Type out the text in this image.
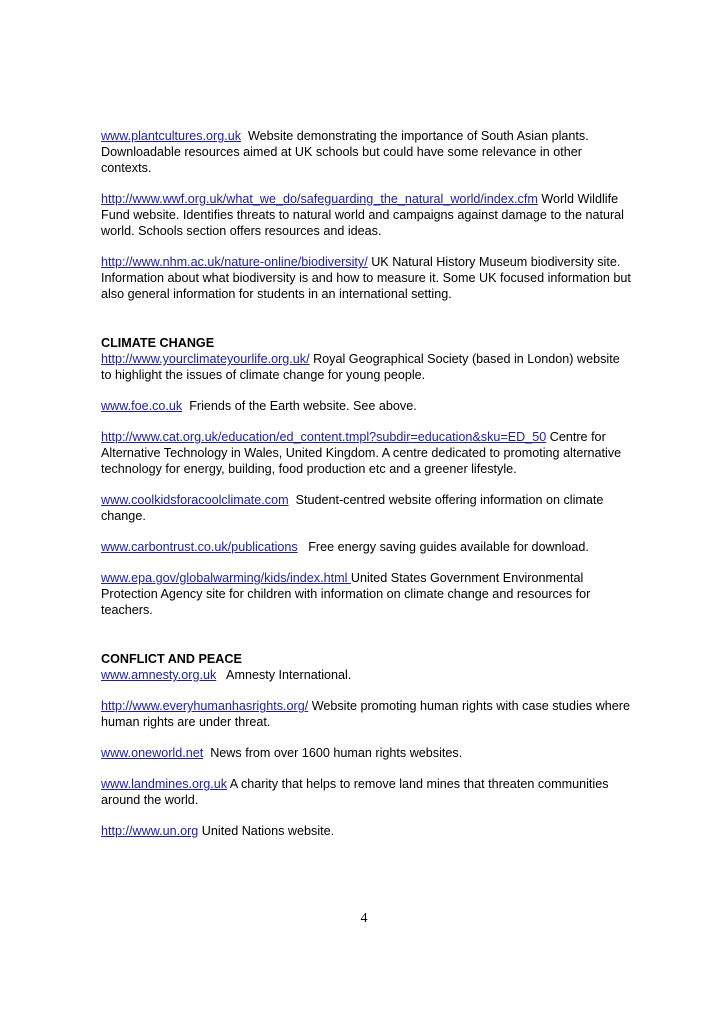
www.plantcultures.org.uk  Website demonstrating the importance of South Asian plants. Downloadable resources aimed at UK schools but could have some relevance in other contexts.

http://www.wwf.org.uk/what_we_do/safeguarding_the_natural_world/index.cfm World Wildlife Fund website. Identifies threats to natural world and campaigns against damage to the natural world. Schools section offers resources and ideas.

http://www.nhm.ac.uk/nature-online/biodiversity/ UK Natural History Museum biodiversity site. Information about what biodiversity is and how to measure it. Some UK focused information but also general information for students in an international setting.

CLIMATE CHANGE

http://www.yourclimateyourlife.org.uk/ Royal Geographical Society (based in London) website to highlight the issues of climate change for young people.

www.foe.co.uk  Friends of the Earth website. See above.

http://www.cat.org.uk/education/ed_content.tmpl?subdir=education&sku=ED_50 Centre for Alternative Technology in Wales, United Kingdom. A centre dedicated to promoting alternative technology for energy, building, food production etc and a greener lifestyle.

www.coolkidsforacoolclimate.com  Student-centred website offering information on climate change.

www.carbontrust.co.uk/publications   Free energy saving guides available for download.

www.epa.gov/globalwarming/kids/index.html United States Government Environmental Protection Agency site for children with information on climate change and resources for teachers.

CONFLICT AND PEACE

www.amnesty.org.uk   Amnesty International.

http://www.everyhumanhasrights.org/ Website promoting human rights with case studies where human rights are under threat.

www.oneworld.net  News from over 1600 human rights websites.

www.landmines.org.uk A charity that helps to remove land mines that threaten communities around the world.

http://www.un.org United Nations website.

4
